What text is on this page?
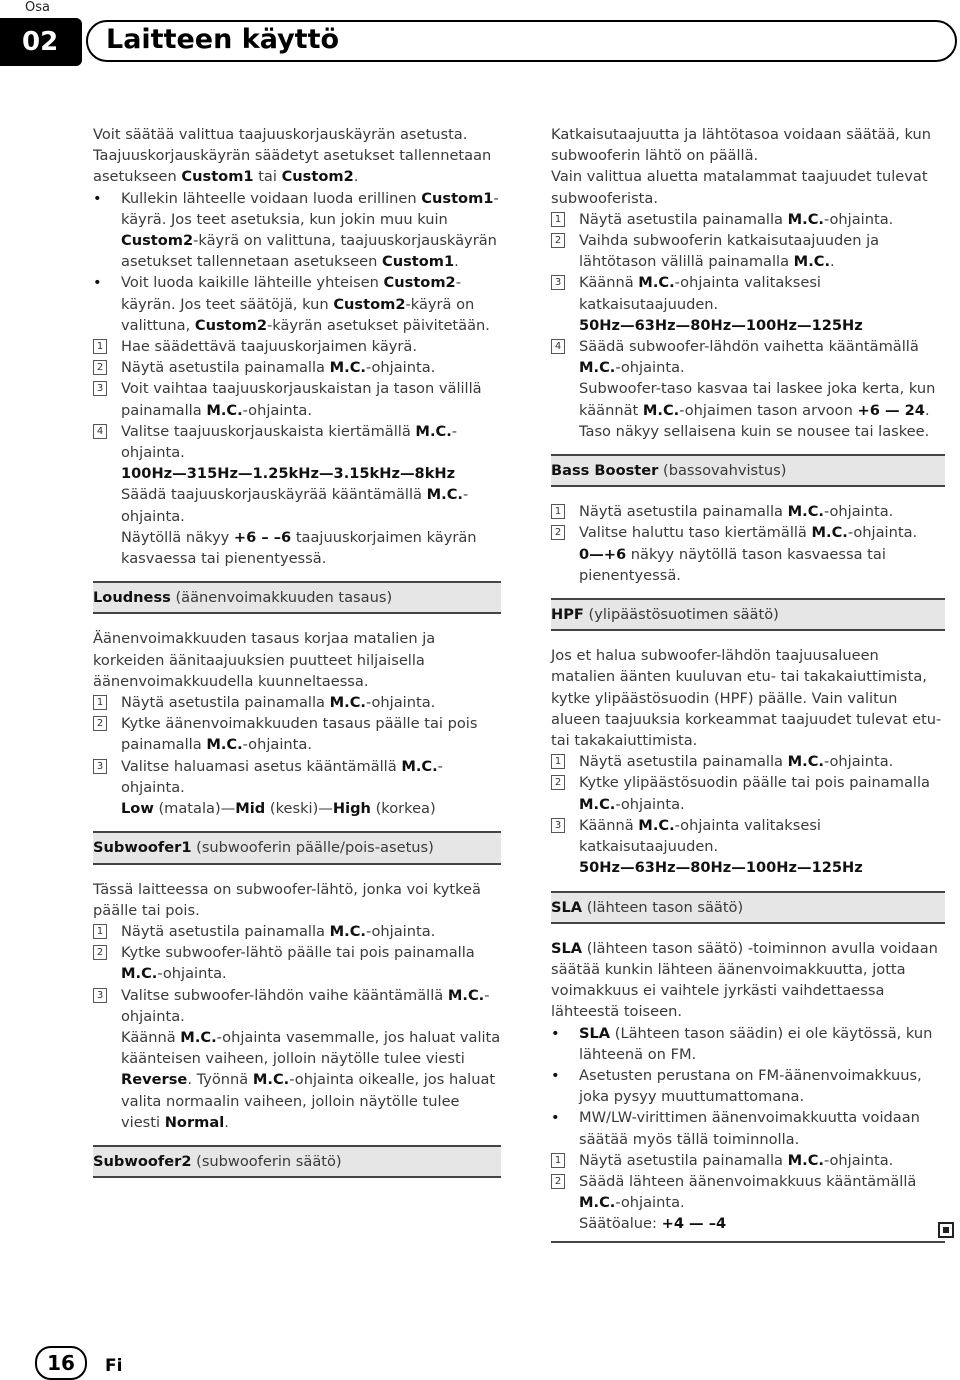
Osa
02	Laitteen käyttö

Voit säätää valittua taajuuskorjauskäyrän asetusta. Taajuuskorjauskäyrän säädetyt asetukset tallennetaan asetukseen Custom1 tai Custom2.

• Kullekin lähteelle voidaan luoda erillinen Custom1-käyrä. Jos teet asetuksia, kun jokin muu kuin Custom2-käyrä on valittuna, taajuuskorjauskäyrän asetukset tallennetaan asetukseen Custom1.

• Voit luoda kaikille lähteille yhteisen Custom2-käyrän. Jos teet säätöjä, kun Custom2-käyrä on valittuna, Custom2-käyrän asetukset päivitetään.

1 Hae säädettävä taajuuskorjaimen käyrä.

2 Näytä asetustila painamalla M.C.-ohjainta.

3 Voit vaihtaa taajuuskorjauskaistan ja tason välillä painamalla M.C.-ohjainta.

4 Valitse taajuuskorjauskaista kiertämällä M.C.-ohjainta.

100Hz—315Hz—1.25kHz—3.15kHz—8kHz

Säädä taajuuskorjauskäyrää kääntämällä M.C.-ohjainta.

Näytöllä näkyy +6 – –6 taajuuskorjaimen käyrän kasvaessa tai pienentyessä.

Loudness (äänenvoimakkuuden tasaus)

Äänenvoimakkuuden tasaus korjaa matalien ja korkeiden äänitaajuuksien puutteet hiljaisella äänenvoimakkuudella kuunneltaessa.

1 Näytä asetustila painamalla M.C.-ohjainta.

2 Kytke äänenvoimakkuuden tasaus päälle tai pois painamalla M.C.-ohjainta.

3 Valitse haluamasi asetus kääntämällä M.C.-ohjainta.

Low (matala)—Mid (keski)—High (korkea)

Subwoofer1 (subwooferin päälle/pois-asetus)

Tässä laitteessa on subwoofer-lähtö, jonka voi kytkeä päälle tai pois.

1 Näytä asetustila painamalla M.C.-ohjainta.

2 Kytke subwoofer-lähtö päälle tai pois painamalla M.C.-ohjainta.

3 Valitse subwoofer-lähdön vaihe kääntämällä M.C.-ohjainta.

Käännä M.C.-ohjainta vasemmalle, jos haluat valita käänteisen vaiheen, jolloin näytölle tulee viesti Reverse. Työnnä M.C.-ohjainta oikealle, jos haluat valita normaalin vaiheen, jolloin näytölle tulee viesti Normal.

Subwoofer2 (subwooferin säätö)

Katkaisutaajuutta ja lähtötasoa voidaan säätää, kun subwooferin lähtö on päällä.

Vain valittua aluetta matalammat taajuudet tulevat subwooferista.

1 Näytä asetustila painamalla M.C.-ohjainta.

2 Vaihda subwooferin katkaisutaajuuden ja lähtötason välillä painamalla M.C..

3 Käännä M.C.-ohjainta valitaksesi katkaisutaajuuden.

50Hz—63Hz—80Hz—100Hz—125Hz

4 Säädä subwoofer-lähdön vaihetta kääntämällä M.C.-ohjainta.

Subwoofer-taso kasvaa tai laskee joka kerta, kun käännät M.C.-ohjaimen tason arvoon +6 — 24. Taso näkyy sellaisena kuin se nousee tai laskee.

Bass Booster (bassovahvistus)

1 Näytä asetustila painamalla M.C.-ohjainta.

2 Valitse haluttu taso kiertämällä M.C.-ohjainta.

0—+6 näkyy näytöllä tason kasvaessa tai pienentyessä.

HPF (ylipäästösuotimen säätö)

Jos et halua subwoofer-lähdön taajuusalueen matalien äänten kuuluvan etu- tai takakaiuttimista, kytke ylipäästösuodin (HPF) päälle. Vain valitun alueen taajuuksia korkeammat taajuudet tulevat etu- tai takakaiuttimista.

1 Näytä asetustila painamalla M.C.-ohjainta.

2 Kytke ylipäästösuodin päälle tai pois painamalla M.C.-ohjainta.

3 Käännä M.C.-ohjainta valitaksesi katkaisutaajuuden.

50Hz—63Hz—80Hz—100Hz—125Hz

SLA (lähteen tason säätö)

SLA (lähteen tason säätö) -toiminnon avulla voidaan säätää kunkin lähteen äänenvoimakkuutta, jotta voimakkuus ei vaihtele jyrkästi vaihdettaessa lähteestä toiseen.

• SLA (Lähteen tason säädin) ei ole käytössä, kun lähteenä on FM.

• Asetusten perustana on FM-äänenvoimakkuus, joka pysyy muuttumattomana.

• MW/LW-virittimen äänenvoimakkuutta voidaan säätää myös tällä toiminnolla.

1 Näytä asetustila painamalla M.C.-ohjainta.

2 Säädä lähteen äänenvoimakkuus kääntämällä M.C.-ohjainta.

Säätöalue: +4 — –4

16	Fi
